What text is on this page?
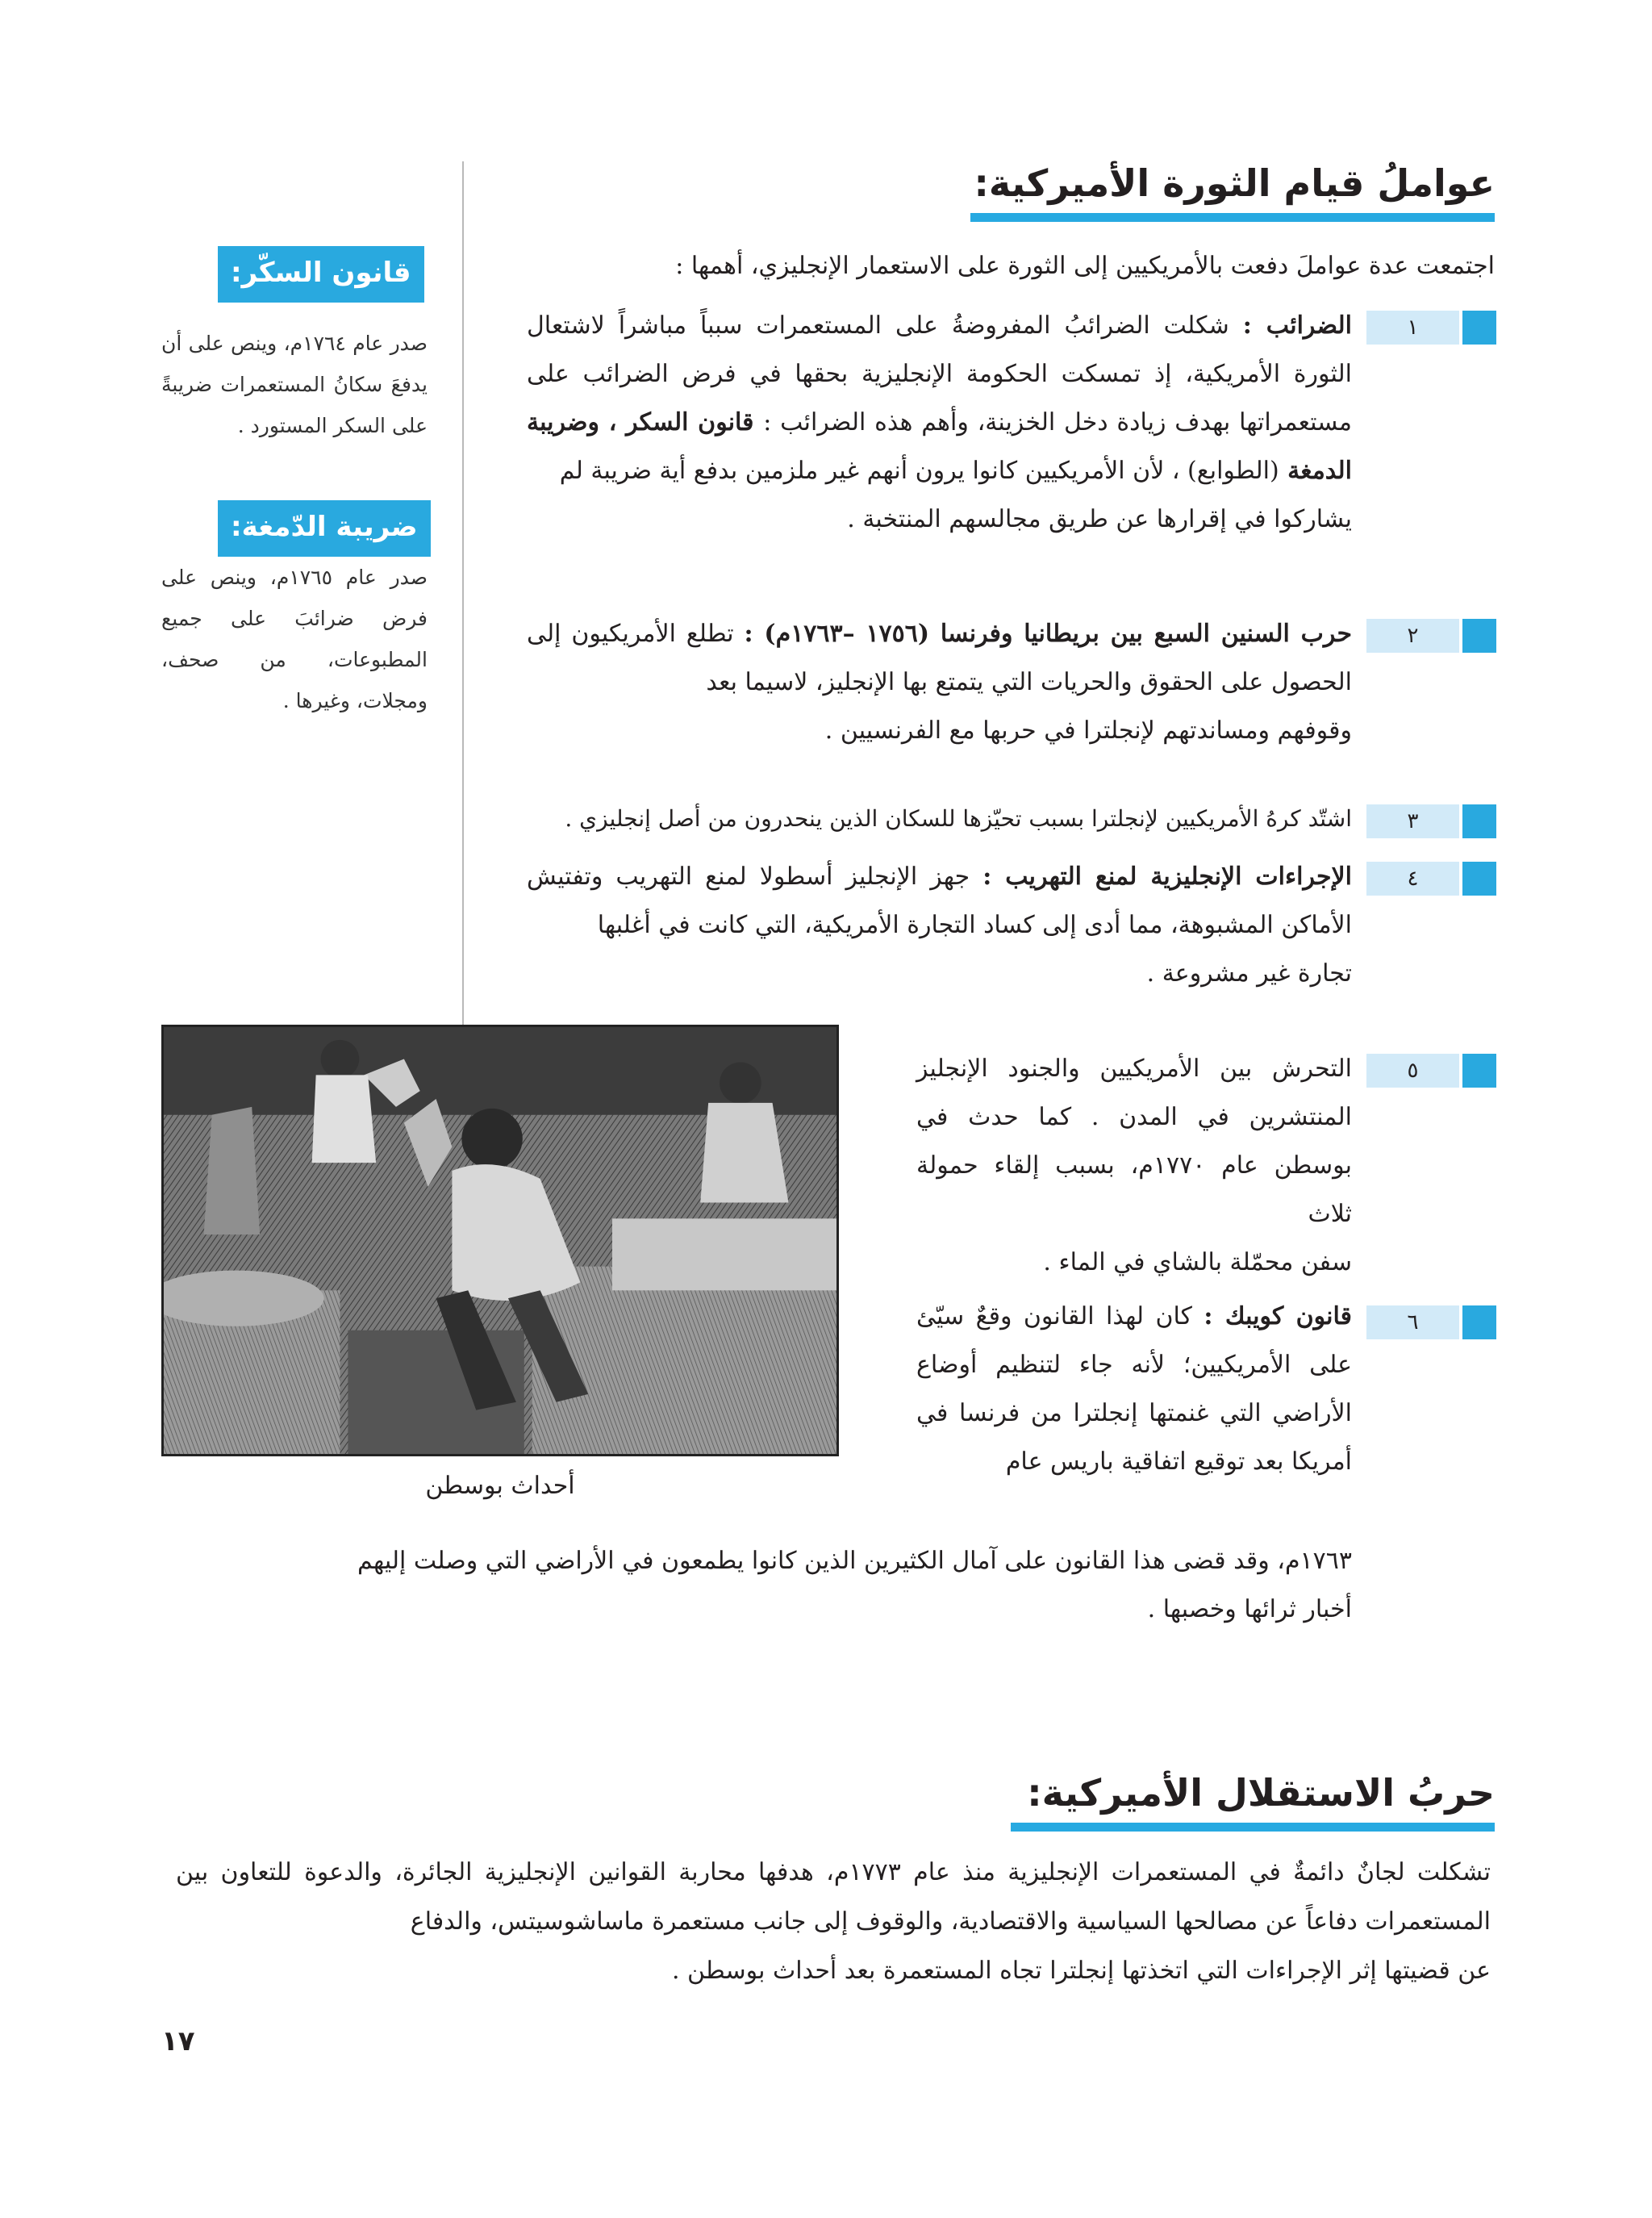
عواملُ قيام الثورة الأميركية:
قانون السكّر:
صدر عام ١٧٦٤م، وينص على أن يدفعَ سكانُ المستعمرات ضريبةً على السكر المستورد .
ضريبة الدّمغة:
صدر عام ١٧٦٥م، وينص على فرض ضرائبَ على جميع المطبوعات، من صحف، ومجلات، وغيرها .
اجتمعت عدة عواملَ دفعت بالأمريكيين إلى الثورة على الاستعمار الإنجليزي، أهمها :
١
الضرائب : شكلت الضرائبُ المفروضةُ على المستعمرات سبباً مباشراً لاشتعال الثورة الأمريكية، إذ تمسكت الحكومة الإنجليزية بحقها في فرض الضرائب على مستعمراتها بهدف زيادة دخل الخزينة، وأهم هذه الضرائب : قانون السكر ، وضريبة الدمغة (الطوابع) ، لأن الأمريكيين كانوا يرون أنهم غير ملزمين بدفع أية ضريبة لم
يشاركوا في إقرارها عن طريق مجالسهم المنتخبة .
٢
حرب السنين السبع بين بريطانيا وفرنسا (١٧٥٦ –١٧٦٣م) : تطلع الأمريكيون إلى الحصول على الحقوق والحريات التي يتمتع بها الإنجليز، لاسيما بعد
وقوفهم ومساندتهم لإنجلترا في حربها مع الفرنسيين .
٣
اشتّد كرهُ الأمريكيين لإنجلترا بسبب تحيّزها للسكان الذين ينحدرون من أصل إنجليزي .
٤
الإجراءات الإنجليزية لمنع التهريب : جهز الإنجليز أسطولا لمنع التهريب وتفتيش الأماكن المشبوهة، مما أدى إلى كساد التجارة الأمريكية، التي كانت في أغلبها
تجارة غير مشروعة .
أحداث بوسطن
٥
التحرش بين الأمريكيين والجنود الإنجليز المنتشرين في المدن . كما حدث في بوسطن عام ١٧٧٠م، بسبب إلقاء حمولة ثلاث
سفن محمّلة بالشاي في الماء .
٦
قانون كويبك : كان لهذا القانون وقعٌ سيّئ على الأمريكيين؛ لأنه جاء لتنظيم أوضاع الأراضي التي غنمتها إنجلترا من فرنسا في أمريكا بعد توقيع اتفاقية باريس عام
١٧٦٣م، وقد قضى هذا القانون على آمال الكثيرين الذين كانوا يطمعون في الأراضي التي وصلت إليهم
أخبار ثرائها وخصبها .
حربُ الاستقلال الأميركية:
تشكلت لجانٌ دائمةٌ في المستعمرات الإنجليزية منذ عام ١٧٧٣م، هدفها محاربة القوانين الإنجليزية الجائرة، والدعوة للتعاون بين المستعمرات دفاعاً عن مصالحها السياسية والاقتصادية، والوقوف إلى جانب مستعمرة ماساشوسيتس، والدفاع
عن قضيتها إثر الإجراءات التي اتخذتها إنجلترا تجاه المستعمرة بعد أحداث بوسطن .
١٧
